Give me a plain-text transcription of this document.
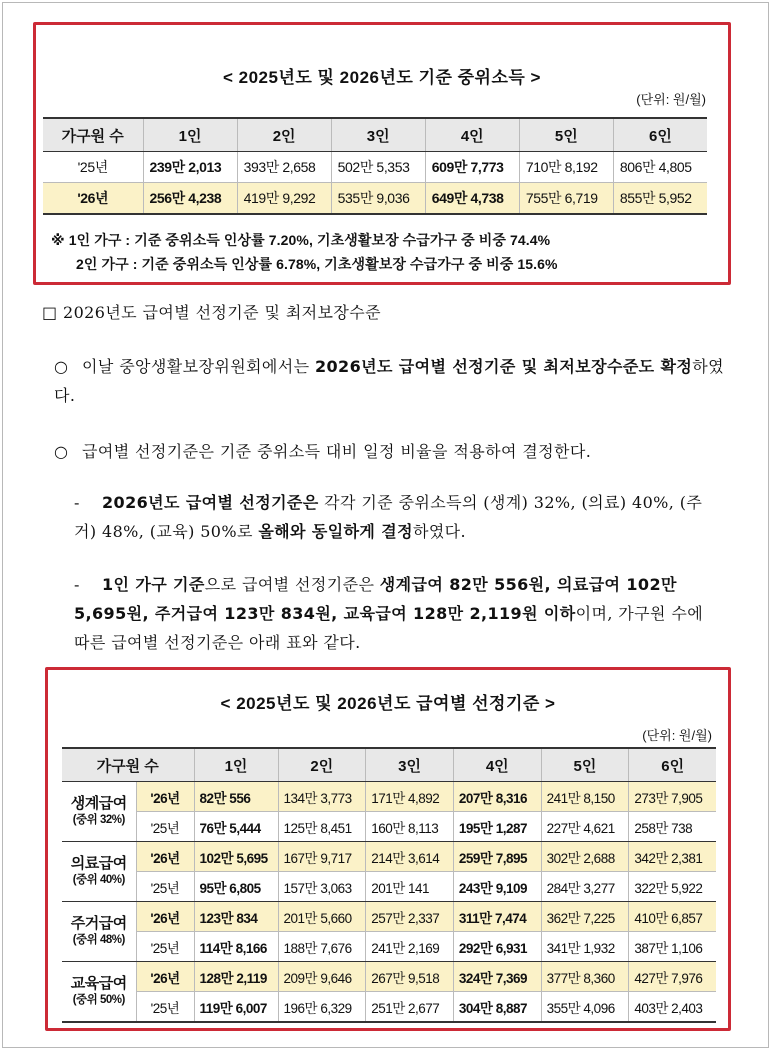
< 2025년도 및 2026년도 기준 중위소득 >
(단위: 원/월)
가구원 수	1인	2인	3인	4인	5인	6인
'25년	239만 2,013	393만 2,658	502만 5,353	609만 7,773	710만 8,192	806만 4,805
'26년	256만 4,238	419만 9,292	535만 9,036	649만 4,738	755만 6,719	855만 5,952
※ 1인 가구 : 기준 중위소득 인상률 7.20%, 기초생활보장 수급가구 중 비중 74.4%
2인 가구 : 기준 중위소득 인상률 6.78%, 기초생활보장 수급가구 중 비중 15.6%
□ 2026년도 급여별 선정기준 및 최저보장수준
○ 이날 중앙생활보장위원회에서는 2026년도 급여별 선정기준 및 최저보장수준도 확정하였다.
○ 급여별 선정기준은 기준 중위소득 대비 일정 비율을 적용하여 결정한다.
- 2026년도 급여별 선정기준은 각각 기준 중위소득의 (생계) 32%, (의료) 40%, (주거) 48%, (교육) 50%로 올해와 동일하게 결정하였다.
- 1인 가구 기준으로 급여별 선정기준은 생계급여 82만 556원, 의료급여 102만 5,695원, 주거급여 123만 834원, 교육급여 128만 2,119원 이하이며, 가구원 수에 따른 급여별 선정기준은 아래 표와 같다.
< 2025년도 및 2026년도 급여별 선정기준 >
(단위: 원/월)
가구원 수		1인	2인	3인	4인	5인	6인

생계급여
(중위 32%)	'26년	82만 556	134만 3,773	171만 4,892	207만 8,316	241만 8,150	273만 7,905
	'25년	76만 5,444	125만 8,451	160만 8,113	195만 1,287	227만 4,621	258만 738

의료급여
(중위 40%)	'26년	102만 5,695	167만 9,717	214만 3,614	259만 7,895	302만 2,688	342만 2,381
	'25년	95만 6,805	157만 3,063	201만 141	243만 9,109	284만 3,277	322만 5,922

주거급여
(중위 48%)	'26년	123만 834	201만 5,660	257만 2,337	311만 7,474	362만 7,225	410만 6,857
	'25년	114만 8,166	188만 7,676	241만 2,169	292만 6,931	341만 1,932	387만 1,106

교육급여
(중위 50%)	'26년	128만 2,119	209만 9,646	267만 9,518	324만 7,369	377만 8,360	427만 7,976
	'25년	119만 6,007	196만 6,329	251만 2,677	304만 8,887	355만 4,096	403만 2,403
